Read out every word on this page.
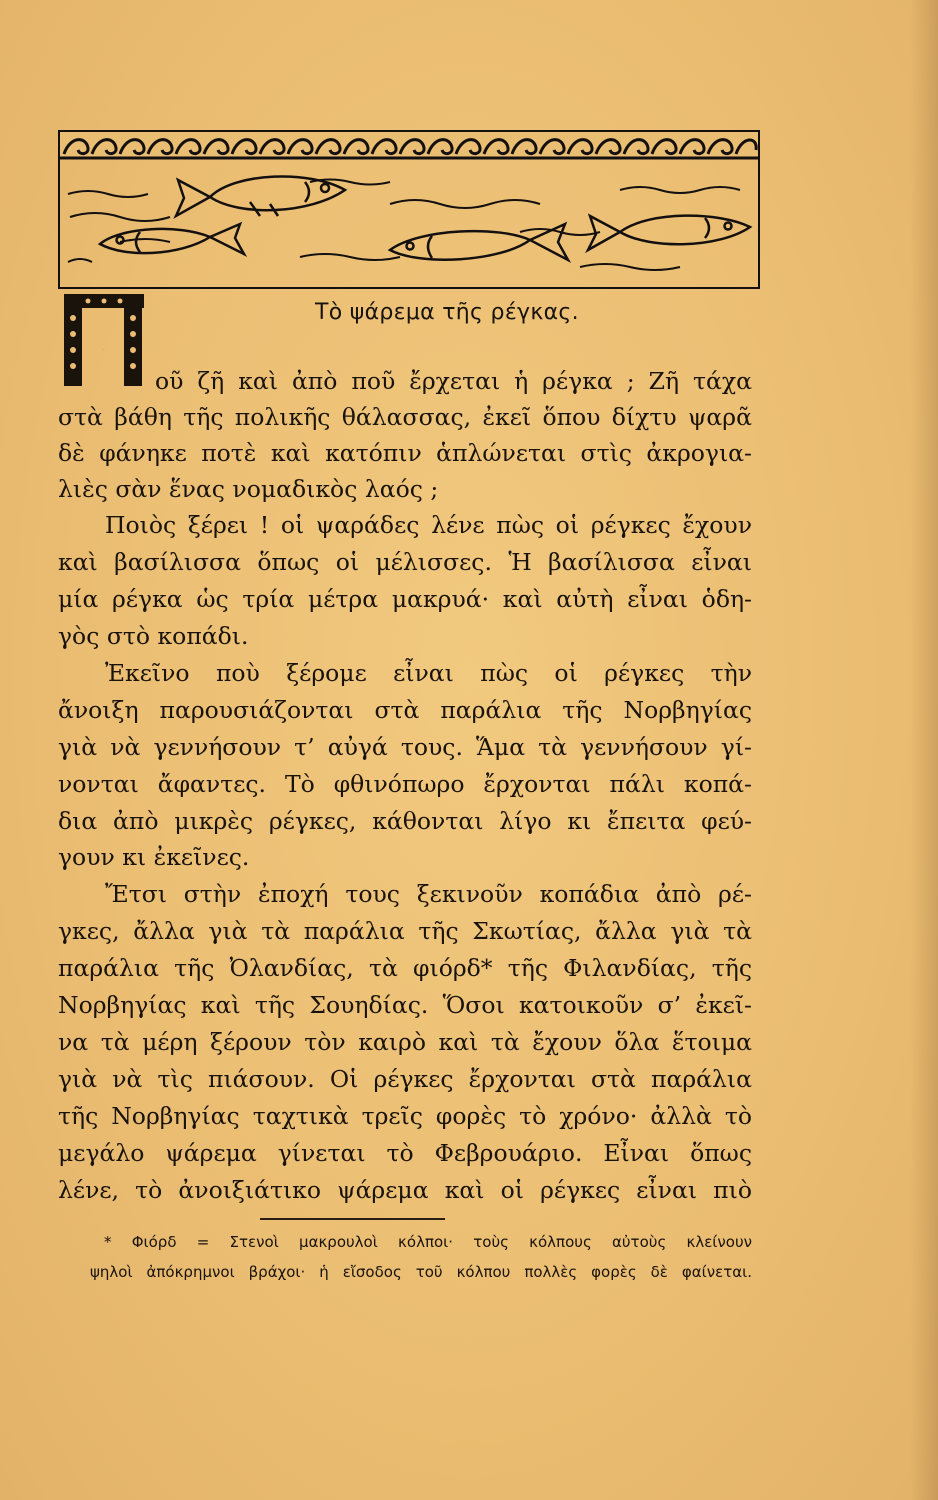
Π
Τὸ ψάρεμα τῆς ρέγκας.
οῦ ζῆ καὶ ἀπὸ ποῦ ἔρχεται ἡ ρέγκα ; Ζῆ τάχα
στὰ βάθη τῆς πολικῆς θάλασσας, ἐκεῖ ὅπου δίχτυ ψαρᾶ
δὲ φάνηκε ποτὲ καὶ κατόπιν ἁπλώνεται στὶς ἀκρογια-
λιὲς σὰν ἕνας νομαδικὸς λαός ;
Ποιὸς ξέρει ! οἱ ψαράδες λένε πὼς οἱ ρέγκες ἔχουν
καὶ βασίλισσα ὅπως οἱ μέλισσες. Ἡ βασίλισσα εἶναι
μία ρέγκα ὡς τρία μέτρα μακρυά· καὶ αὐτὴ εἶναι ὁδη-
γὸς στὸ κοπάδι.
Ἐκεῖνο ποὺ ξέρομε εἶναι πὼς οἱ ρέγκες τὴν
ἄνοιξη παρουσιάζονται στὰ παράλια τῆς Νορβηγίας
γιὰ νὰ γεννήσουν τ’ αὐγά τους. Ἅμα τὰ γεννήσουν γί-
νονται ἄφαντες. Τὸ φθινόπωρο ἔρχονται πάλι κοπά-
δια ἀπὸ μικρὲς ρέγκες, κάθονται λίγο κι ἔπειτα φεύ-
γουν κι ἐκεῖνες.
Ἔτσι στὴν ἐποχή τους ξεκινοῦν κοπάδια ἀπὸ ρέ-
γκες, ἄλλα γιὰ τὰ παράλια τῆς Σκωτίας, ἄλλα γιὰ τὰ
παράλια τῆς Ὀλανδίας, τὰ φιόρδ* τῆς Φιλανδίας, τῆς
Νορβηγίας καὶ τῆς Σουηδίας. Ὅσοι κατοικοῦν σ’ ἐκεῖ-
να τὰ μέρη ξέρουν τὸν καιρὸ καὶ τὰ ἔχουν ὅλα ἕτοιμα
γιὰ νὰ τὶς πιάσουν. Οἱ ρέγκες ἔρχονται στὰ παράλια
τῆς Νορβηγίας ταχτικὰ τρεῖς φορὲς τὸ χρόνο· ἀλλὰ τὸ
μεγάλο ψάρεμα γίνεται τὸ Φεβρουάριο. Εἶναι ὅπως
λένε, τὸ ἀνοιξιάτικο ψάρεμα καὶ οἱ ρέγκες εἶναι πιὸ
* Φιόρδ = Στενοὶ μακρουλοὶ κόλποι· τοὺς κόλπους αὐτοὺς κλείνουν
ψηλοὶ ἀπόκρημνοι βράχοι· ἡ εἴσοδος τοῦ κόλπου πολλὲς φορὲς δὲ φαίνεται.
